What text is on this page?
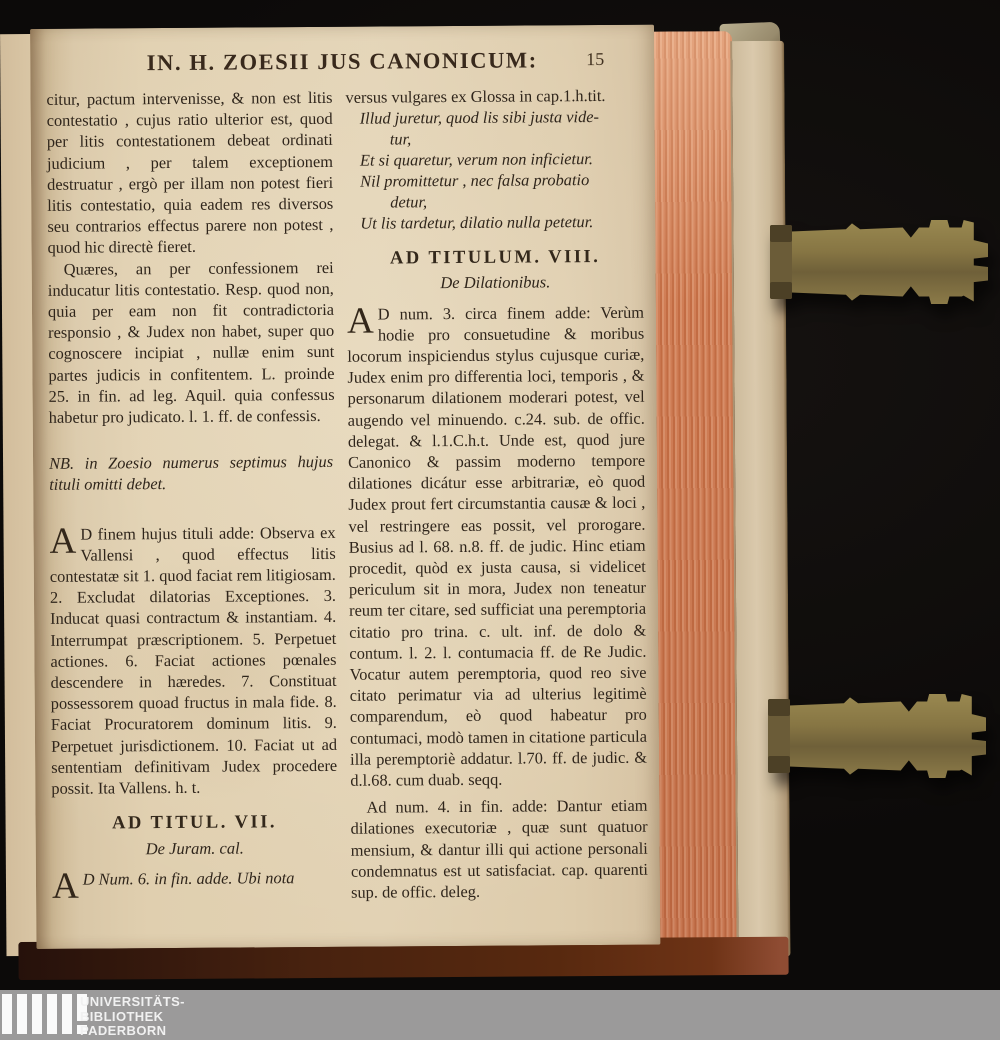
IN. H. ZOESII JUS CANONICUM:	15

citur, pactum intervenisse, & non est litis contestatio , cujus ratio ulterior est, quod per litis contestationem debeat ordinati judicium , per talem exceptionem destruatur , ergò per illam non potest fieri litis contestatio, quia eadem res diversos seu contrarios effectus parere non potest , quod hic directè fieret.

Quæres, an per confessionem rei inducatur litis contestatio. Resp. quod non, quia per eam non fit contradictoria responsio , & Judex non habet, super quo cognoscere incipiat , nullæ enim sunt partes judicis in confitentem. L. proinde 25. in fin. ad leg. Aquil. quia confessus habetur pro judicato. l. 1. ff. de confessis.

NB. in Zoesio numerus septimus hujus tituli omitti debet.

A D finem hujus tituli adde: Observa ex Vallensi , quod effectus litis contestatæ sit 1. quod faciat rem litigiosam. 2. Excludat dilatorias Exceptiones. 3. Inducat quasi contractum & instantiam. 4. Interrumpat præscriptionem. 5. Perpetuet actiones. 6. Faciat actiones pœnales descendere in hæredes. 7. Constituat possessorem quoad fructus in mala fide. 8. Faciat Procuratorem dominum litis. 9. Perpetuet jurisdictionem. 10. Faciat ut ad sententiam definitivam Judex procedere possit. Ita Vallens. h. t.

AD TITUL. VII.
De Juram. cal.

A D Num. 6. in fin. adde. Ubi nota

versus vulgares ex Glossa in cap.1.h.tit.

Illud juretur, quod lis sibi justa vide-
tur,
Et si quaretur, verum non inficietur.
Nil promittetur , nec falsa probatio
detur,
Ut lis tardetur, dilatio nulla petetur.
AD TITULUM. VIII.
De Dilationibus.

A D num. 3. circa finem adde: Verùm hodie pro consuetudine & moribus locorum inspiciendus stylus cujusque curiæ, Judex enim pro differentia loci, temporis , & personarum dilationem moderari potest, vel augendo vel minuendo. c.24. sub. de offic. delegat. & l.1.C.h.t. Unde est, quod jure Canonico & passim moderno tempore dilationes dicátur esse arbitrariæ, eò quod Judex prout fert circumstantia causæ & loci , vel restringere eas possit, vel prorogare. Busius ad l. 68. n.8. ff. de judic. Hinc etiam procedit, quòd ex justa causa, si videlicet periculum sit in mora, Judex non teneatur reum ter citare, sed sufficiat una peremptoria citatio pro trina. c. ult. inf. de dolo & contum. l. 2. l. contumacia ff. de Re Judic. Vocatur autem peremptoria, quod reo sive citato perimatur via ad ulterius legitimè comparendum, eò quod habeatur pro contumaci, modò tamen in citatione particula illa peremptoriè addatur. l.70. ff. de judic. & d.l.68. cum duab. seqq.

Ad num. 4. in fin. adde: Dantur etiam dilationes executoriæ , quæ sunt quatuor mensium, & dantur illi qui actione personali condemnatus est ut satisfaciat. cap. quarenti sup. de offic. deleg.

UNIVERSITÄTS-
BIBLIOTHEK
PADERBORN
